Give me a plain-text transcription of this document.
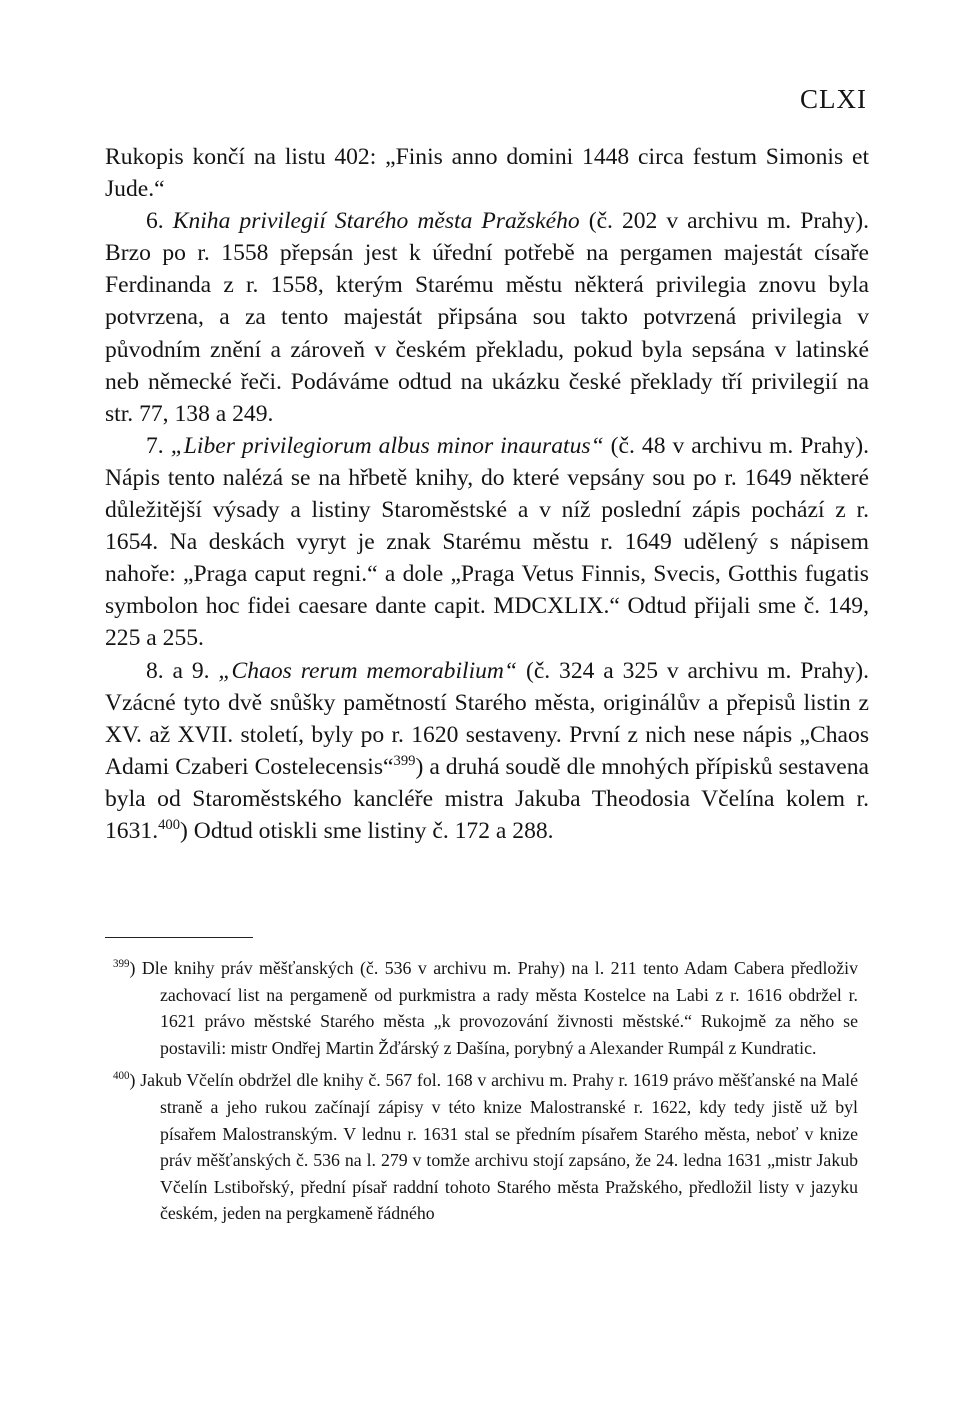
CLXI

Rukopis končí na listu 402: „Finis anno domini 1448 circa festum Simonis et Jude.“

6. Kniha privilegií Starého města Pražského (č. 202 v archivu m. Prahy). Brzo po r. 1558 přepsán jest k úřední potřebě na pergamen majestát císaře Ferdinanda z r. 1558, kterým Starému městu některá privilegia znovu byla potvrzena, a za tento majestát připsána sou takto potvrzená privilegia v původním znění a zároveň v českém překladu, pokud byla sepsána v latinské neb německé řeči. Podáváme odtud na ukázku české překlady tří privilegií na str. 77, 138 a 249.

7. „Liber privilegiorum albus minor inauratus“ (č. 48 v archivu m. Prahy). Nápis tento nalézá se na hřbetě knihy, do které vepsány sou po r. 1649 některé důležitější výsady a listiny Staroměstské a v níž poslední zápis pochází z r. 1654. Na deskách vyryt je znak Starému městu r. 1649 udělený s nápisem nahoře: „Praga caput regni.“ a dole „Praga Vetus Finnis, Svecis, Gotthis fugatis symbolon hoc fidei caesare dante capit. MDCXLIX.“ Odtud přijali sme č. 149, 225 a 255.

8. a 9. „Chaos rerum memorabilium“ (č. 324 a 325 v archivu m. Prahy). Vzácné tyto dvě snůšky pamětností Starého města, originálův a přepisů listin z XV. až XVII. století, byly po r. 1620 sestaveny. První z nich nese nápis „Chaos Adami Czaberi Costelecensis“$^{399}$) a druhá soudě dle mnohých přípisků sestavena byla od Staroměstského kancléře mistra Jakuba Theodosia Včelína kolem r. 1631.$^{400}$) Odtud otiskli sme listiny č. 172 a 288.

$^{399}$) Dle knihy práv měšťanských (č. 536 v archivu m. Prahy) na l. 211 tento Adam Cabera předloživ zachovací list na pergameně od purkmistra a rady města Kostelce na Labi z r. 1616 obdržel r. 1621 právo městské Starého města „k provozování živnosti městské.“ Rukojmě za něho se postavili: mistr Ondřej Martin Žďárský z Dašína, porybný a Alexander Rumpál z Kundratic.

$^{400}$) Jakub Včelín obdržel dle knihy č. 567 fol. 168 v archivu m. Prahy r. 1619 právo měšťanské na Malé straně a jeho rukou začínají zápisy v této knize Malostranské r. 1622, kdy tedy jistě už byl písařem Malostranským. V lednu r. 1631 stal se předním písařem Starého města, neboť v knize práv měšťanských č. 536 na l. 279 v tomže archivu stojí zapsáno, že 24. ledna 1631 „mistr Jakub Včelín Lstibořský, přední písař raddní tohoto Starého města Pražského, předložil listy v jazyku českém, jeden na pergkameně řádného
